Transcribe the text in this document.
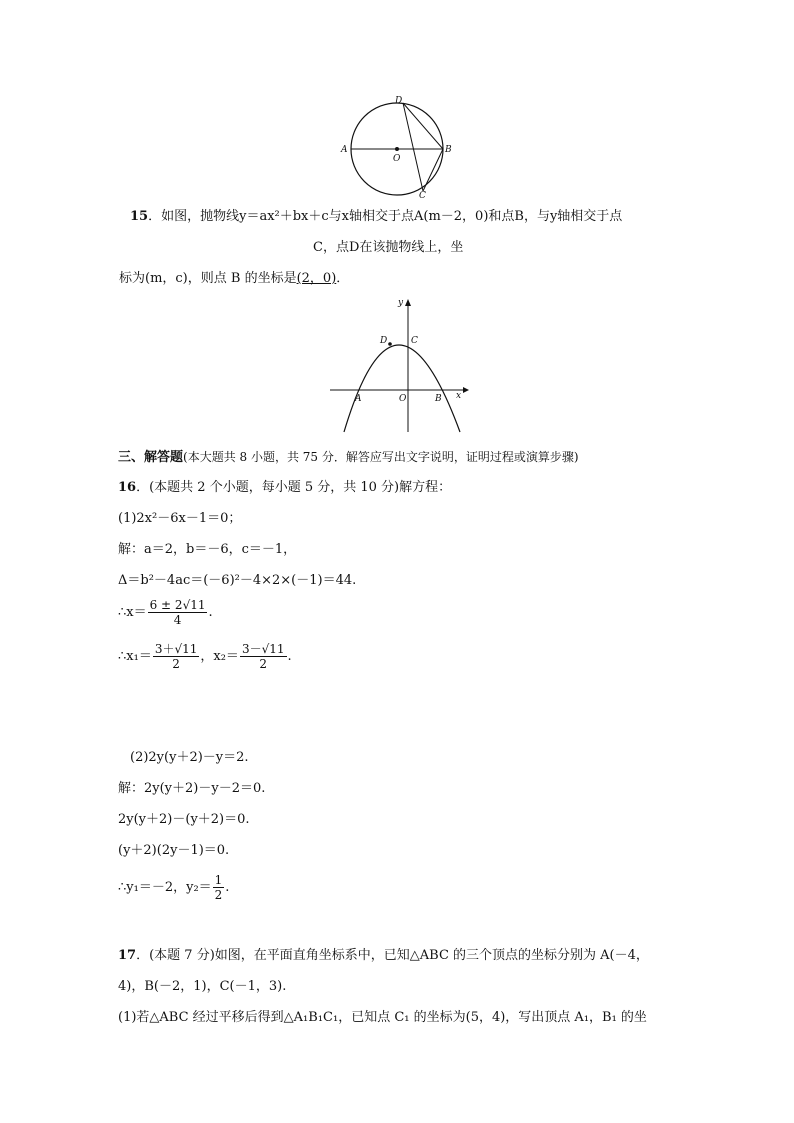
A
O
B
D
C
15．如图，抛物线y＝ax²＋bx＋c与x轴相交于点A(m－2，0)和点B，与y轴相交于点
C，点D在该抛物线上，坐
标为(m，c)，则点 B 的坐标是(2，0)．
y
x
O
A	B
D	C
三、解答题(本大题共 8 小题，共 75 分．解答应写出文字说明，证明过程或演算步骤)
16．(本题共 2 个小题，每小题 5 分，共 10 分)解方程：
(1)2x²－6x－1＝0；
解：a＝2，b＝－6，c＝－1，
Δ＝b²－4ac＝(－6)²－4×2×(－1)＝44.
∴x＝ $\frac{6 \pm 2√11}{4}$ .
∴x₁＝ $\frac{3+√11}{2}$ ，$x_2= \frac{3-√11}{2}$ .
(2)2y(y＋2)－y＝2.
解：2y(y＋2)－y－2＝0.
2y(y＋2)－(y＋2)＝0.
(y＋2)(2y－1)＝0.
∴y₁＝－2，$y_2= \frac{1}{2}$ .
17．(本题 7 分)如图，在平面直角坐标系中，已知△ABC 的三个顶点的坐标分别为 A(－4，
4)，B(－2，1)，C(－1，3).
(1)若△ABC 经过平移后得到△A₁B₁C₁，已知点 C₁ 的坐标为(5，4)，写出顶点 A₁，B₁ 的坐
